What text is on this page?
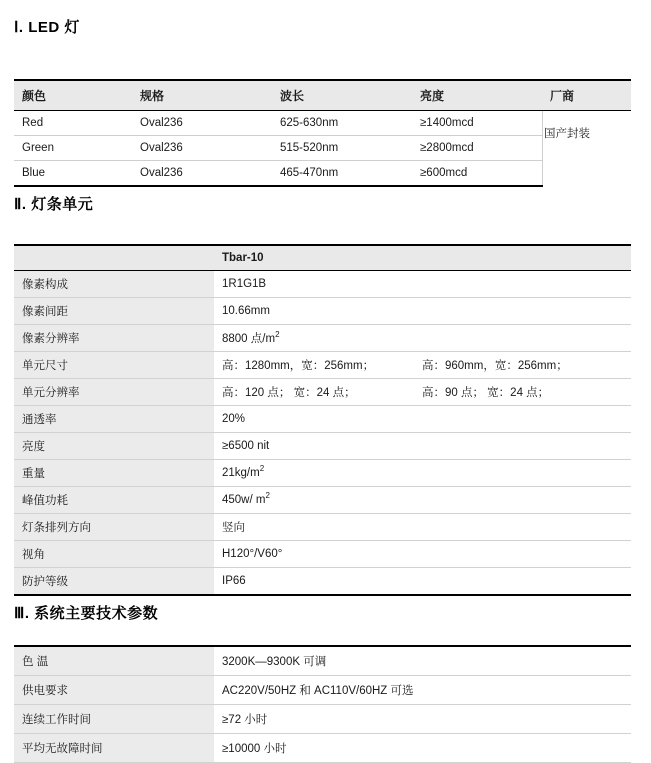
Ⅰ. LED 灯
颜色	规格	波长	亮度	厂商
Red	Oval236	625-630nm	≥1400mcd	
Green	Oval236	515-520nm	≥2800mcd	
Blue	Oval236	465-470nm	≥600mcd	
国产封装
Ⅱ. 灯条单元
	Tbar-10
像素构成	1R1G1B
像素间距	10.66mm
像素分辨率	8800 点$/m^2$
单元尺寸	高：1280mm，宽：256mm； 高：960mm，宽：256mm；

单元分辨率	高：120 点； 宽：24 点； 高：90 点； 宽：24 点；

通透率	20%
亮度	≥6500 nit
重量	$21kg/m^2$
峰值功耗	450w/ $m^2$
灯条排列方向	竖向
视角	H120°/V60°
防护等级	IP66
Ⅲ. 系统主要技术参数
色 温	3200K—9300K 可调
供电要求	AC220V/50HZ 和 AC110V/60HZ 可选
连续工作时间	≥72 小时
平均无故障时间	≥10000 小时
